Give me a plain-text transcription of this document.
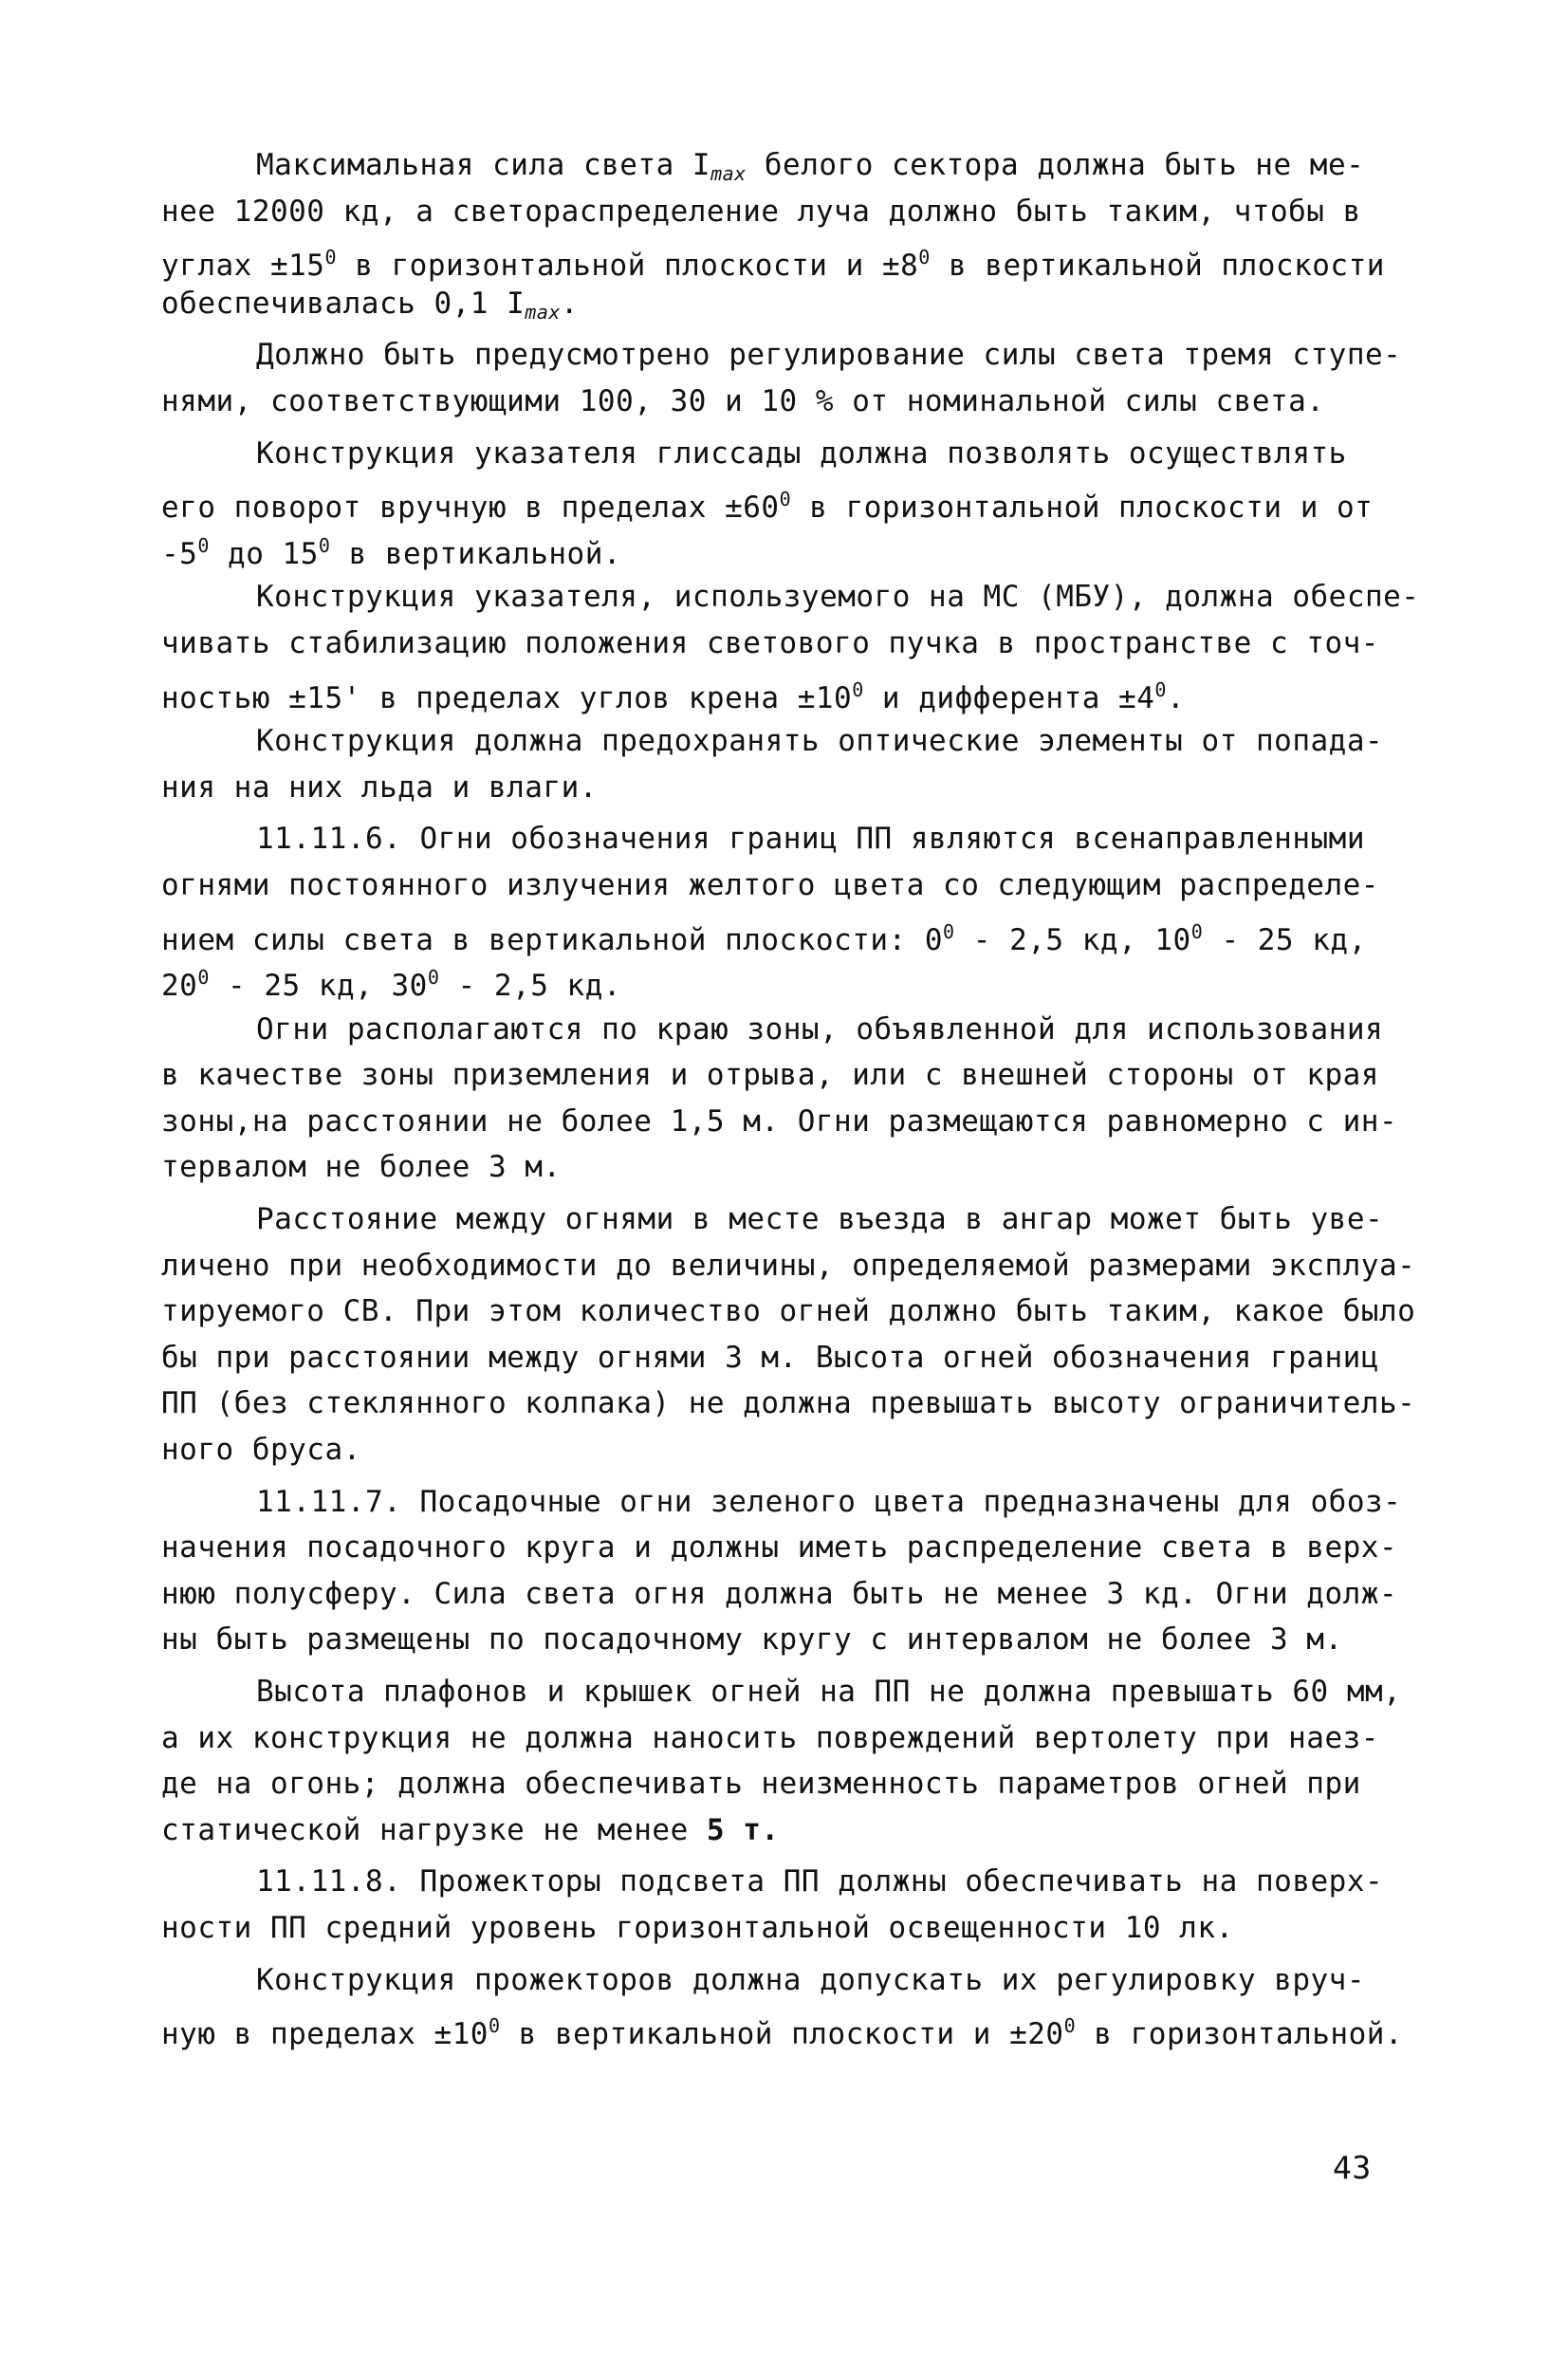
Максимальная сила света $I_{max}$ белого сектора должна быть не ме-
нее 12000 кд, а светораспределение луча должно быть таким, чтобы в
углах $\pm 15^0$ в горизонтальной плоскости $и \pm 8^0$ в вертикальной плоскости
обеспечивалась 0,1 $I_{max}$.
Должно быть предусмотрено регулирование силы света тремя ступе-
нями, соответствующими 100, 30 и 10 % от номинальной силы света.
Конструкция указателя глиссады должна позволять осуществлять
его поворот вручную в пределах $\pm 60^0$ в горизонтальной плоскости и от
$-5^0$ до $15^0$ в вертикальной.
Конструкция указателя, используемого на МС (МБУ), должна обеспе-
чивать стабилизацию положения светового пучка в пространстве с точ-
ностью ±15' в пределах углов крена $\pm 10^0$ и дифферента $\pm 4^0$.
Конструкция должна предохранять оптические элементы от попада-
ния на них льда и влаги.
11.11.6. Огни обозначения границ ПП являются всенаправленными
огнями постоянного излучения желтого цвета со следующим распределе-
нием силы света в вертикальной плоскости: $0^0 - 2,5$ кд, $10^0 - 25$ кд,
$20^0 - 25$ кд, $30^0 - 2,5$ кд.
Огни располагаются по краю зоны, объявленной для использования
в качестве зоны приземления и отрыва, или с внешней стороны от края
зоны,на расстоянии не более 1,5 м. Огни размещаются равномерно с ин-
тервалом не более 3 м.
Расстояние между огнями в месте въезда в ангар может быть уве-
личено при необходимости до величины, определяемой размерами эксплуа-
тируемого СВ. При этом количество огней должно быть таким, какое было
бы при расстоянии между огнями 3 м. Высота огней обозначения границ
ПП (без стеклянного колпака) не должна превышать высоту ограничитель-
ного бруса.
11.11.7. Посадочные огни зеленого цвета предназначены для обоз-
начения посадочного круга и должны иметь распределение света в верх-
нюю полусферу. Сила света огня должна быть не менее 3 кд. Огни долж-
ны быть размещены по посадочному кругу с интервалом не более 3 м.
Высота плафонов и крышек огней на ПП не должна превышать 60 мм,
а их конструкция не должна наносить повреждений вертолету при наез-
де на огонь; должна обеспечивать неизменность параметров огней при
статической нагрузке не менее 5 т.
11.11.8. Прожекторы подсвета ПП должны обеспечивать на поверх-
ности ПП средний уровень горизонтальной освещенности 10 лк.
Конструкция прожекторов должна допускать их регулировку вруч-
ную в пределах $\pm 10^0$ в вертикальной плоскости $и \pm 20^0$ в горизонтальной.
43
